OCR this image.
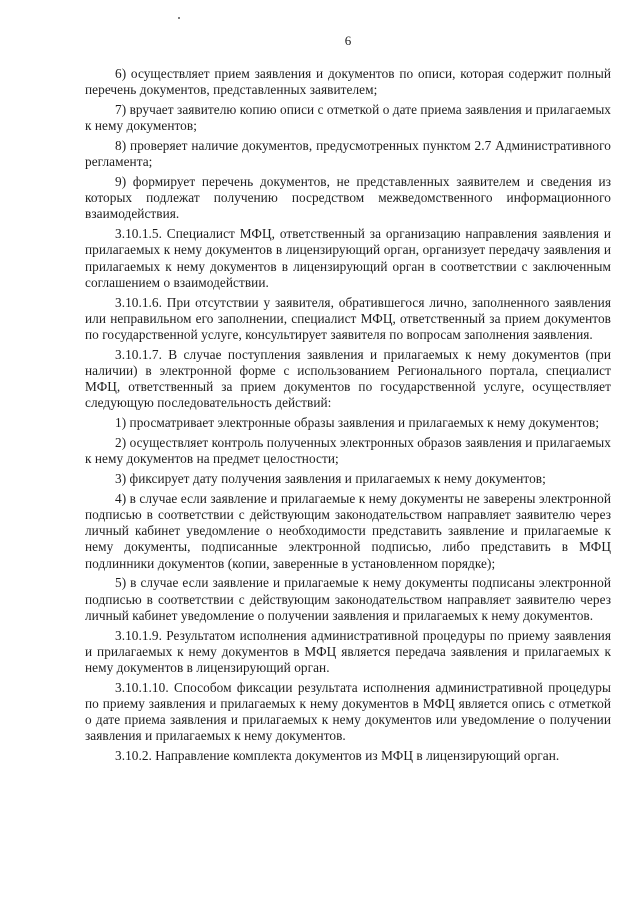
6

6) осуществляет прием заявления и документов по описи, которая содержит полный перечень документов, представленных заявителем;

7) вручает заявителю копию описи с отметкой о дате приема заявления и прилагаемых к нему документов;

8) проверяет наличие документов, предусмотренных пунктом 2.7 Административного регламента;

9) формирует перечень документов, не представленных заявителем и сведения из которых подлежат получению посредством межведомственного информационного взаимодействия.

3.10.1.5. Специалист МФЦ, ответственный за организацию направления заявления и прилагаемых к нему документов в лицензирующий орган, организует передачу заявления и прилагаемых к нему документов в лицензирующий орган в соответствии с заключенным соглашением о взаимодействии.

3.10.1.6. При отсутствии у заявителя, обратившегося лично, заполненного заявления или неправильном его заполнении, специалист МФЦ, ответственный за прием документов по государственной услуге, консультирует заявителя по вопросам заполнения заявления.

3.10.1.7. В случае поступления заявления и прилагаемых к нему документов (при наличии) в электронной форме с использованием Регионального портала, специалист МФЦ, ответственный за прием документов по государственной услуге, осуществляет следующую последовательность действий:

1) просматривает электронные образы заявления и прилагаемых к нему документов;

2) осуществляет контроль полученных электронных образов заявления и прилагаемых к нему документов на предмет целостности;

3) фиксирует дату получения заявления и прилагаемых к нему документов;

4) в случае если заявление и прилагаемые к нему документы не заверены электронной подписью в соответствии с действующим законодательством направляет заявителю через личный кабинет уведомление о необходимости представить заявление и прилагаемые к нему документы, подписанные электронной подписью, либо представить в МФЦ подлинники документов (копии, заверенные в установленном порядке);

5) в случае если заявление и прилагаемые к нему документы подписаны электронной подписью в соответствии с действующим законодательством направляет заявителю через личный кабинет уведомление о получении заявления и прилагаемых к нему документов.

3.10.1.9. Результатом исполнения административной процедуры по приему заявления и прилагаемых к нему документов в МФЦ является передача заявления и прилагаемых к нему документов в лицензирующий орган.

3.10.1.10. Способом фиксации результата исполнения административной процедуры по приему заявления и прилагаемых к нему документов в МФЦ является опись с отметкой о дате приема заявления и прилагаемых к нему документов или уведомление о получении заявления и прилагаемых к нему документов.

3.10.2. Направление комплекта документов из МФЦ в лицензирующий орган.
